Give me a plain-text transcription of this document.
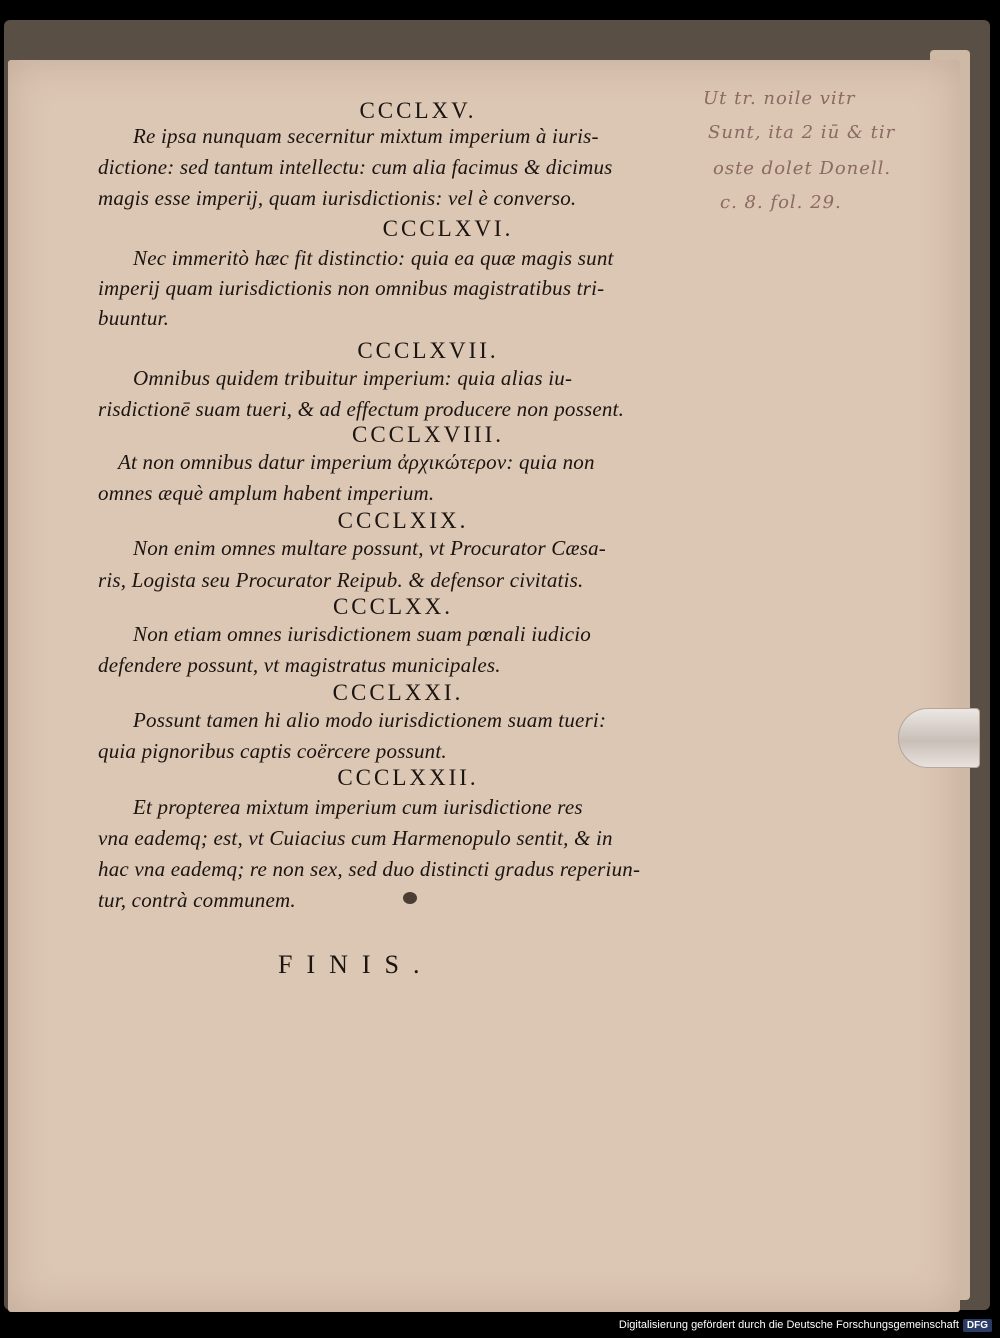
CCCLXV.
Re ipsa nunquam secernitur mixtum imperium à iuris-
dictione: sed tantum intellectu: cum alia facimus & dicimus
magis esse imperij, quam iurisdictionis: vel è converso.
CCCLXVI.
Nec immeritò hæc fit distinctio: quia ea quæ magis sunt
imperij quam iurisdictionis non omnibus magistratibus tri-
buuntur.
CCCLXVII.
Omnibus quidem tribuitur imperium: quia alias iu-
risdictionē suam tueri, & ad effectum producere non possent.
CCCLXVIII.
At non omnibus datur imperium ἀρχικώτερον: quia non
omnes æquè amplum habent imperium.
CCCLXIX.
Non enim omnes multare possunt, vt Procurator Cæsa-
ris, Logista seu Procurator Reipub. & defensor civitatis.
CCCLXX.
Non etiam omnes iurisdictionem suam pœnali iudicio
defendere possunt, vt magistratus municipales.
CCCLXXI.
Possunt tamen hi alio modo iurisdictionem suam tueri:
quia pignoribus captis coërcere possunt.
CCCLXXII.
Et propterea mixtum imperium cum iurisdictione res
vna eademq; est, vt Cuiacius cum Harmenopulo sentit, & in
hac vna eademq; re non sex, sed duo distincti gradus reperiun-
tur, contrà communem.
FINIS.
Ut tr. noile vitr
Sunt, ita 2 iū & tir
oste dolet Donell.
c. 8. fol. 29.
Digitalisierung gefördert durch die Deutsche Forschungsgemeinschaft DFG
